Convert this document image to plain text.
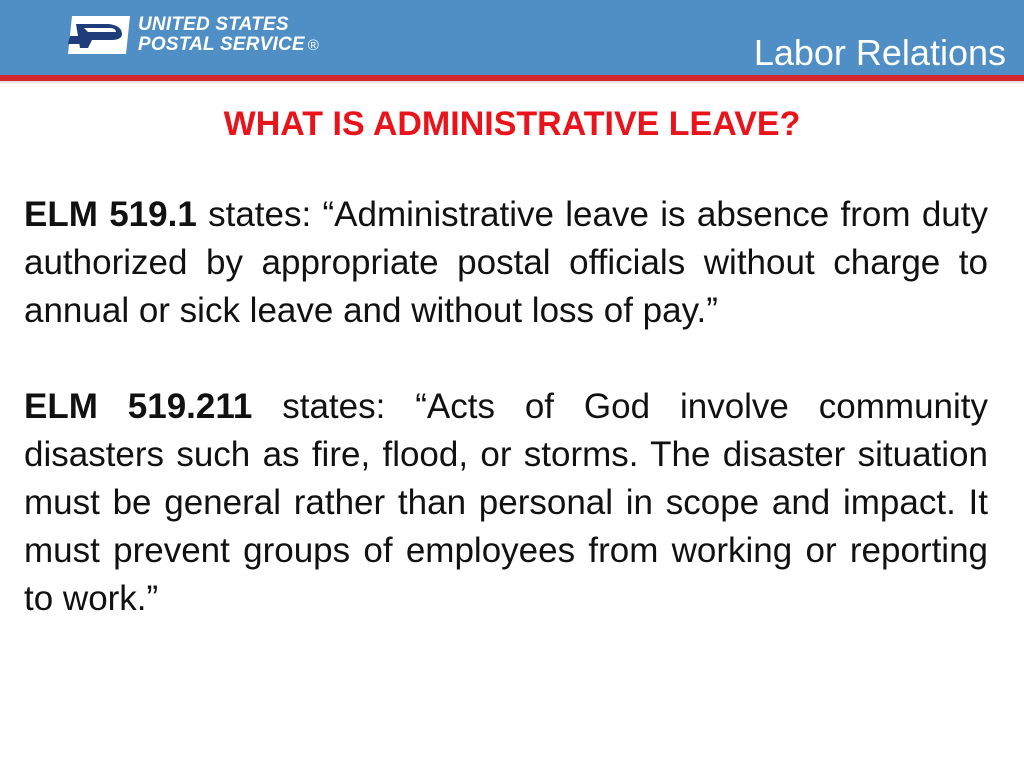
UNITED STATES
POSTAL SERVICE ®	Labor Relations
WHAT IS ADMINISTRATIVE LEAVE?

ELM 519.1 states: “Administrative leave is absence from duty authorized by appropriate postal officials without charge to annual or sick leave and without loss of pay.”

ELM 519.211 states: “Acts of God involve community disasters such as fire, flood, or storms. The disaster situation must be general rather than personal in scope and impact. It must prevent groups of employees from working or reporting to work.”
